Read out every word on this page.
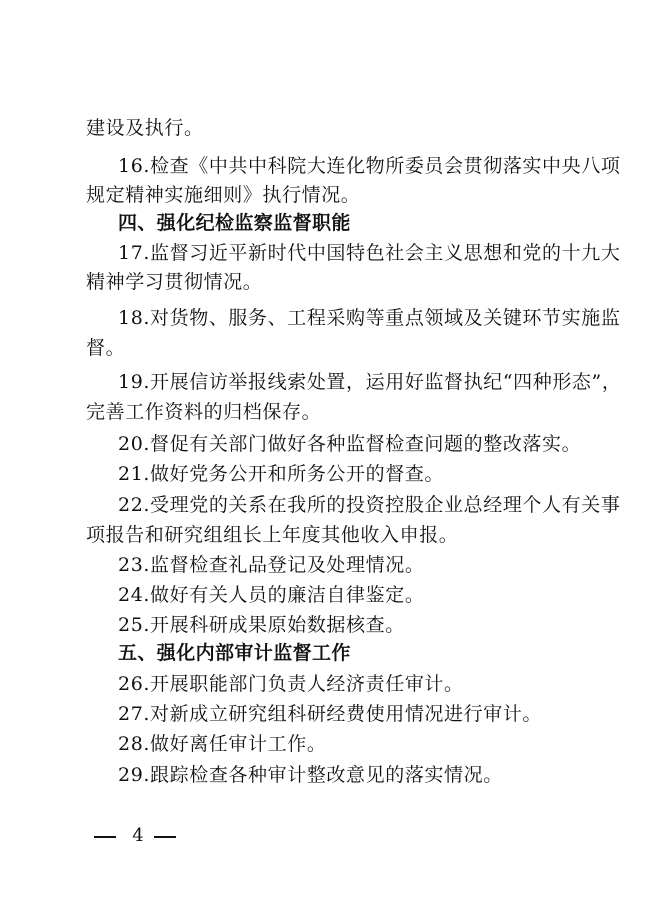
建设及执行。
16.检查《中共中科院大连化物所委员会贯彻落实中央八项
规定精神实施细则》执行情况。
四、强化纪检监察监督职能
17.监督习近平新时代中国特色社会主义思想和党的十九大
精神学习贯彻情况。
18.对货物、服务、工程采购等重点领域及关键环节实施监
督。
19.开展信访举报线索处置，运用好监督执纪“四种形态”，
完善工作资料的归档保存。
20.督促有关部门做好各种监督检查问题的整改落实。
21.做好党务公开和所务公开的督查。
22.受理党的关系在我所的投资控股企业总经理个人有关事
项报告和研究组组长上年度其他收入申报。
23.监督检查礼品登记及处理情况。
24.做好有关人员的廉洁自律鉴定。
25.开展科研成果原始数据核查。
五、强化内部审计监督工作
26.开展职能部门负责人经济责任审计。
27.对新成立研究组科研经费使用情况进行审计。
28.做好离任审计工作。
29.跟踪检查各种审计整改意见的落实情况。
4
